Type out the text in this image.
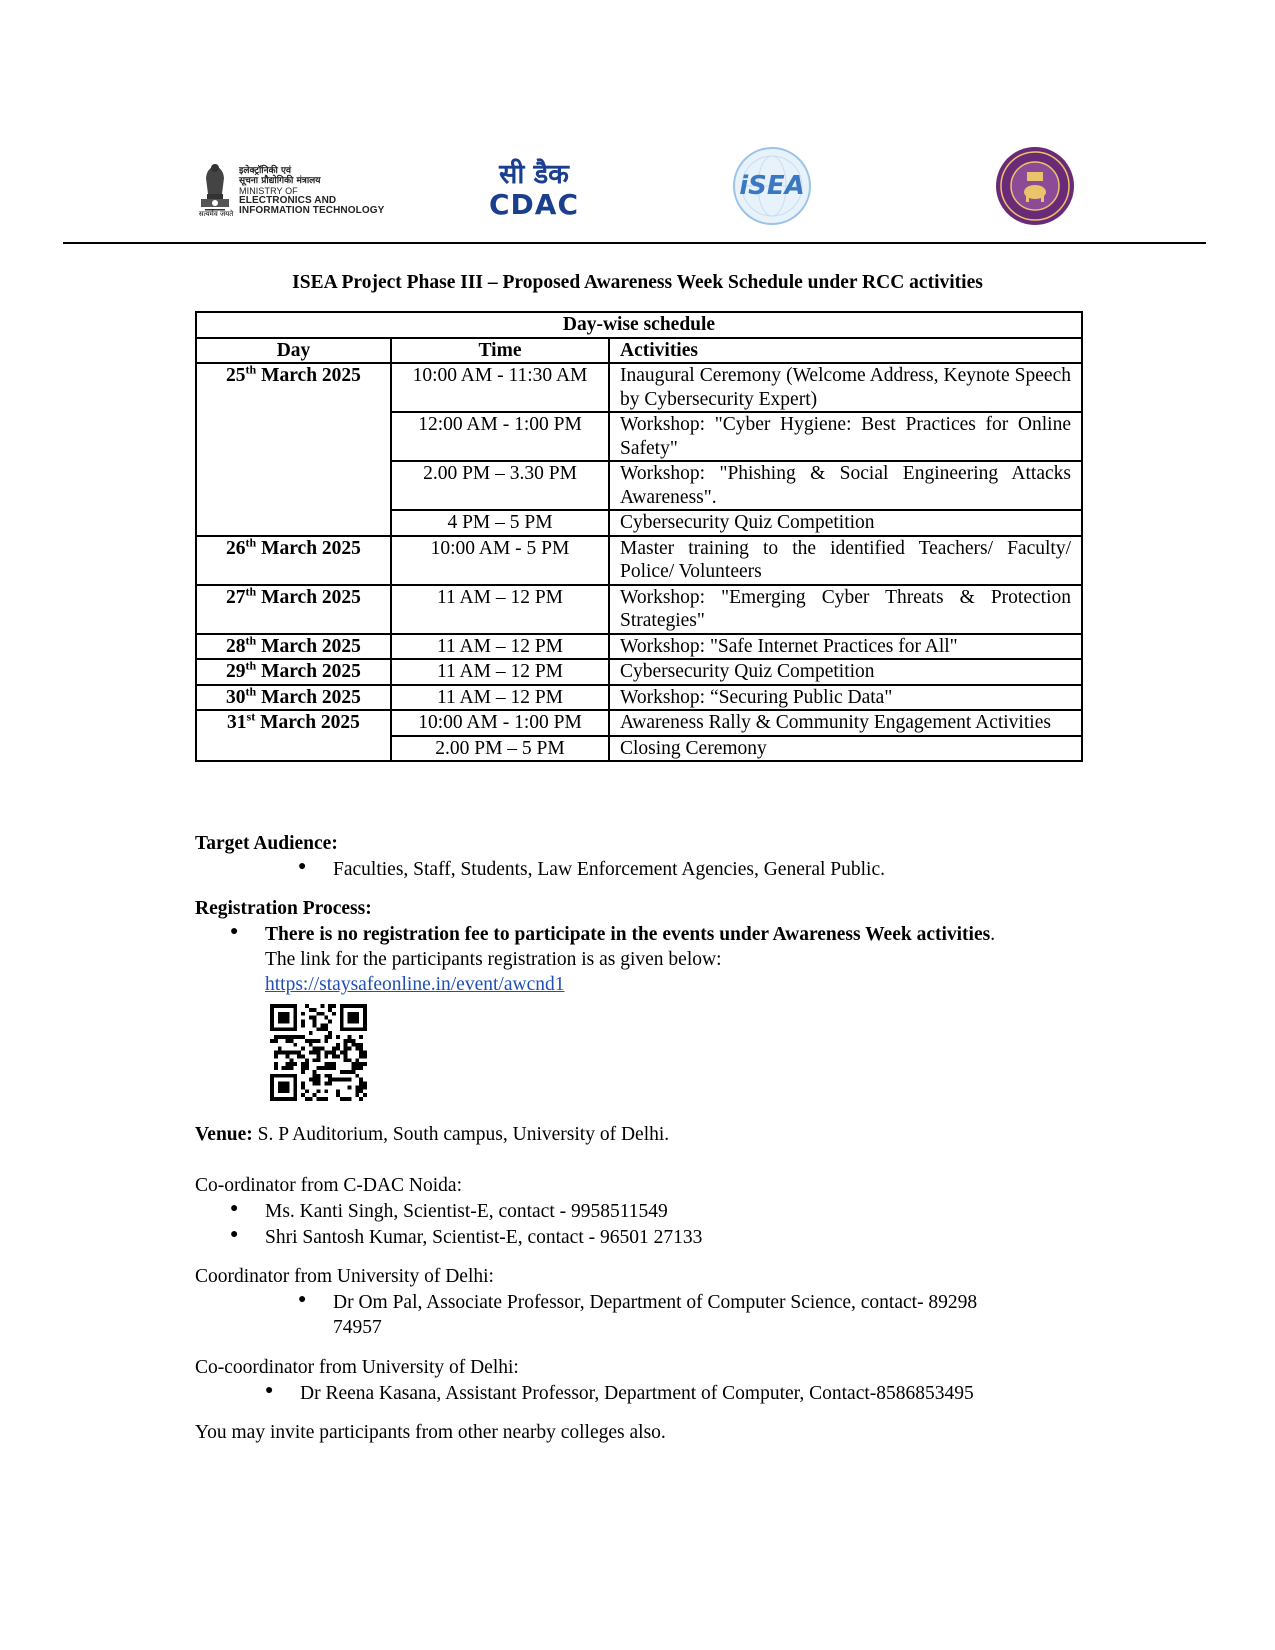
सत्यमेव जयते
इलेक्ट्रॉनिकी एवं
सूचना प्रौद्योगिकी मंत्रालय
MINISTRY OF
ELECTRONICS AND
INFORMATION TECHNOLOGY
सी डैक
CDAC
iSEA
ISEA Project Phase III – Proposed Awareness Week Schedule under RCC activities
Day-wise schedule		
Day	Time	Activities
25th March 2025	10:00 AM - 11:30 AM	Inaugural Ceremony (Welcome Address, Keynote Speech by Cybersecurity Expert)
	12:00 AM - 1:00 PM	Workshop: "Cyber Hygiene: Best Practices for Online Safety"
	2.00 PM – 3.30 PM	Workshop: "Phishing & Social Engineering Attacks Awareness".
	4 PM – 5 PM	Cybersecurity Quiz Competition
26th March 2025	10:00 AM - 5 PM	Master training to the identified Teachers/ Faculty/ Police/ Volunteers
27th March 2025	11 AM – 12 PM	Workshop: "Emerging Cyber Threats & Protection Strategies"
28th March 2025	11 AM – 12 PM	Workshop: "Safe Internet Practices for All"
29th March 2025	11 AM – 12 PM	Cybersecurity Quiz Competition
30th March 2025	11 AM – 12 PM	Workshop: “Securing Public Data"
31st March 2025	10:00 AM - 1:00 PM	Awareness Rally & Community Engagement Activities
	2.00 PM – 5 PM	Closing Ceremony
Target Audience:
● Faculties, Staff, Students, Law Enforcement Agencies, General Public.
Registration Process:
● There is no registration fee to participate in the events under Awareness Week activities.
The link for the participants registration is as given below:
https://staysafeonline.in/event/awcnd1
Venue: S. P Auditorium, South campus, University of Delhi.
Co-ordinator from C-DAC Noida:
● Ms. Kanti Singh, Scientist-E, contact - 9958511549
● Shri Santosh Kumar, Scientist-E, contact - 96501 27133
Coordinator from University of Delhi:
● Dr Om Pal, Associate Professor, Department of Computer Science, contact- 89298
74957
Co-coordinator from University of Delhi:
● Dr Reena Kasana, Assistant Professor, Department of Computer, Contact-8586853495
You may invite participants from other nearby colleges also.
